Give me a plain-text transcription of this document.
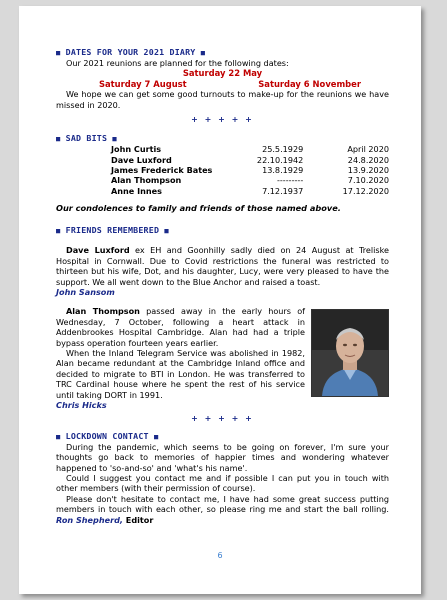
■ DATES FOR YOUR 2021 DIARY ■
Our 2021 reunions are planned for the following dates:
Saturday 22 May
Saturday 7 August	Saturday 6 November
We hope we can get some good turnouts to make-up for the reunions we have missed in 2020.
+ + + + +
■ SAD BITS ■
John Curtis	25.5.1929	April 2020
Dave Luxford	22.10.1942	24.8.2020
James Frederick Bates	13.8.1929	13.9.2020
Alan Thompson	---------	7.10.2020
Anne Innes	7.12.1937	17.12.2020
Our condolences to family and friends of those named above.
■ FRIENDS REMEMBERED ■
Dave Luxford ex EH and Goonhilly sadly died on 24 August at Treliske Hospital in Cornwall. Due to Covid restrictions the funeral was restricted to thirteen but his wife, Dot, and his daughter, Lucy, were very pleased to have the support. We all went down to the Blue Anchor and raised a toast.
John Sansom
Alan Thompson passed away in the early hours of Wednesday, 7 October, following a heart attack in Addenbrookes Hospital Cambridge. Alan had had a triple bypass operation fourteen years earlier.
When the Inland Telegram Service was abolished in 1982, Alan became redundant at the Cambridge Inland office and decided to migrate to BTI in London. He was transferred to TRC Cardinal house where he spent the rest of his service until taking DORT in 1991.
Chris Hicks
+ + + + +
■ LOCKDOWN CONTACT ■
During the pandemic, which seems to be going on forever, I'm sure your thoughts go back to memories of happier times and wondering whatever happened to 'so-and-so' and 'what's his name'.
Could I suggest you contact me and if possible I can put you in touch with other members (with their permission of course).
Please don't hesitate to contact me, I have had some great success putting members in touch with each other, so please ring me and start the ball rolling. Ron Shepherd, Editor
6
